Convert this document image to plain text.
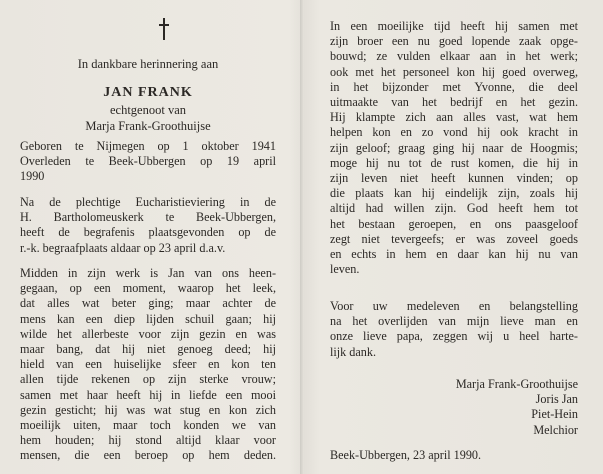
In dankbare herinnering aan
JAN FRANK
echtgenoot van
Marja Frank-Groothuijse
Geboren te Nijmegen op 1 oktober 1941
Overleden te Beek-Ubbergen op 19 april
1990
Na de plechtige Eucharistieviering in de
H. Bartholomeuskerk te Beek-Ubbergen,
heeft de begrafenis plaatsgevonden op de
r.-k. begraafplaats aldaar op 23 april d.a.v.
Midden in zijn werk is Jan van ons heen-
gegaan, op een moment, waarop het leek,
dat alles wat beter ging; maar achter de
mens kan een diep lijden schuil gaan; hij
wilde het allerbeste voor zijn gezin en was
maar bang, dat hij niet genoeg deed; hij
hield van een huiselijke sfeer en kon ten
allen tijde rekenen op zijn sterke vrouw;
samen met haar heeft hij in liefde een mooi
gezin gesticht; hij was wat stug en kon zich
moeilijk uiten, maar toch konden we van
hem houden; hij stond altijd klaar voor
mensen, die een beroep op hem deden.
In een moeilijke tijd heeft hij samen met
zijn broer een nu goed lopende zaak opge-
bouwd; ze vulden elkaar aan in het werk;
ook met het personeel kon hij goed overweg,
in het bijzonder met Yvonne, die deel
uitmaakte van het bedrijf en het gezin.
Hij klampte zich aan alles vast, wat hem
helpen kon en zo vond hij ook kracht in
zijn geloof; graag ging hij naar de Hoogmis;
moge hij nu tot de rust komen, die hij in
zijn leven niet heeft kunnen vinden; op
die plaats kan hij eindelijk zijn, zoals hij
altijd had willen zijn. God heeft hem tot
het bestaan geroepen, en ons paasgeloof
zegt niet tevergeefs; er was zoveel goeds
en echts in hem en daar kan hij nu van
leven.
Voor uw medeleven en belangstelling
na het overlijden van mijn lieve man en
onze lieve papa, zeggen wij u heel harte-
lijk dank.
Marja Frank-Groothuijse
Joris Jan
Piet-Hein
Melchior
Beek-Ubbergen, 23 april 1990.
